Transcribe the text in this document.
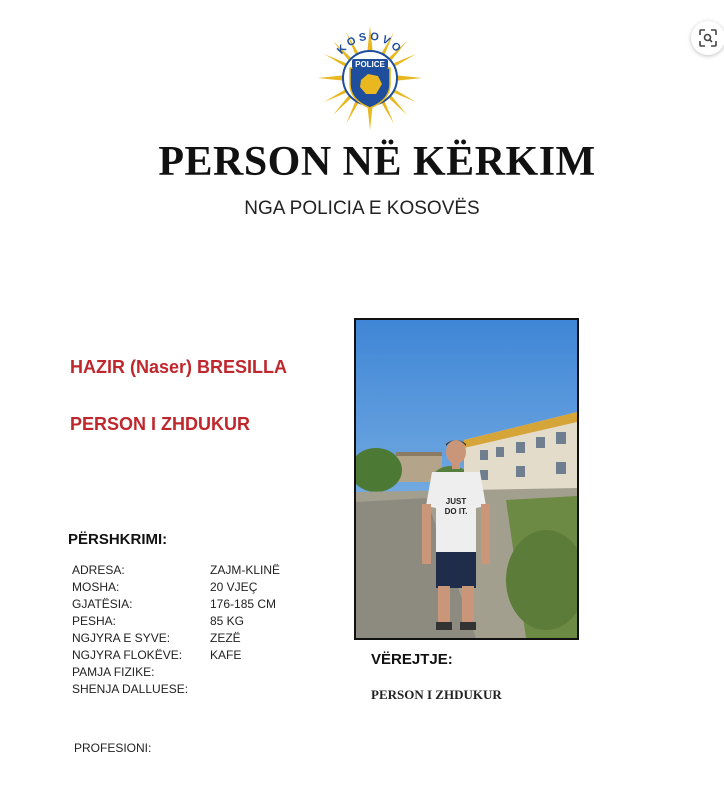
KOSOVO
POLICE
PERSON NË KËRKIM
NGA POLICIA E KOSOVËS
HAZIR (Naser) BRESILLA
PERSON I ZHDUKUR
PËRSHKRIMI:
ADRESA:	ZAJM-KLINË
MOSHA:	20 VJEÇ
GJATËSIA:	176-185 CM
PESHA:	85 KG
NGJYRA E SYVE:	ZEZË
NGJYRA FLOKËVE: KAFE
PAMJA FIZIKE:
SHENJA DALLUESE:
PROFESIONI:
JUST
DO IT.
VËREJTJE:
PERSON I ZHDUKUR
